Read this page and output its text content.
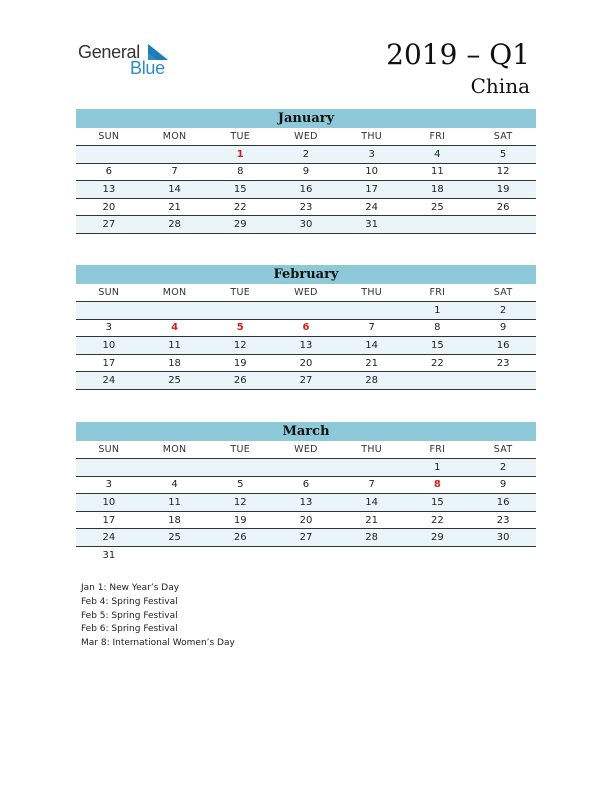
General
Blue	2019 – Q1
China
January
SUN	MON	TUE	WED	THU	FRI	SAT
		1	2	3	4	5
6	7	8	9	10	11	12
13	14	15	16	17	18	19
20	21	22	23	24	25	26
27	28	29	30	31		
February
SUN	MON	TUE	WED	THU	FRI	SAT
					1	2
3	4	5	6	7	8	9
10	11	12	13	14	15	16
17	18	19	20	21	22	23
24	25	26	27	28		
March
SUN	MON	TUE	WED	THU	FRI	SAT
					1	2
3	4	5	6	7	8	9
10	11	12	13	14	15	16
17	18	19	20	21	22	23
24	25	26	27	28	29	30
31						
Jan 1: New Year’s Day
Feb 4: Spring Festival
Feb 5: Spring Festival
Feb 6: Spring Festival
Mar 8: International Women’s Day
